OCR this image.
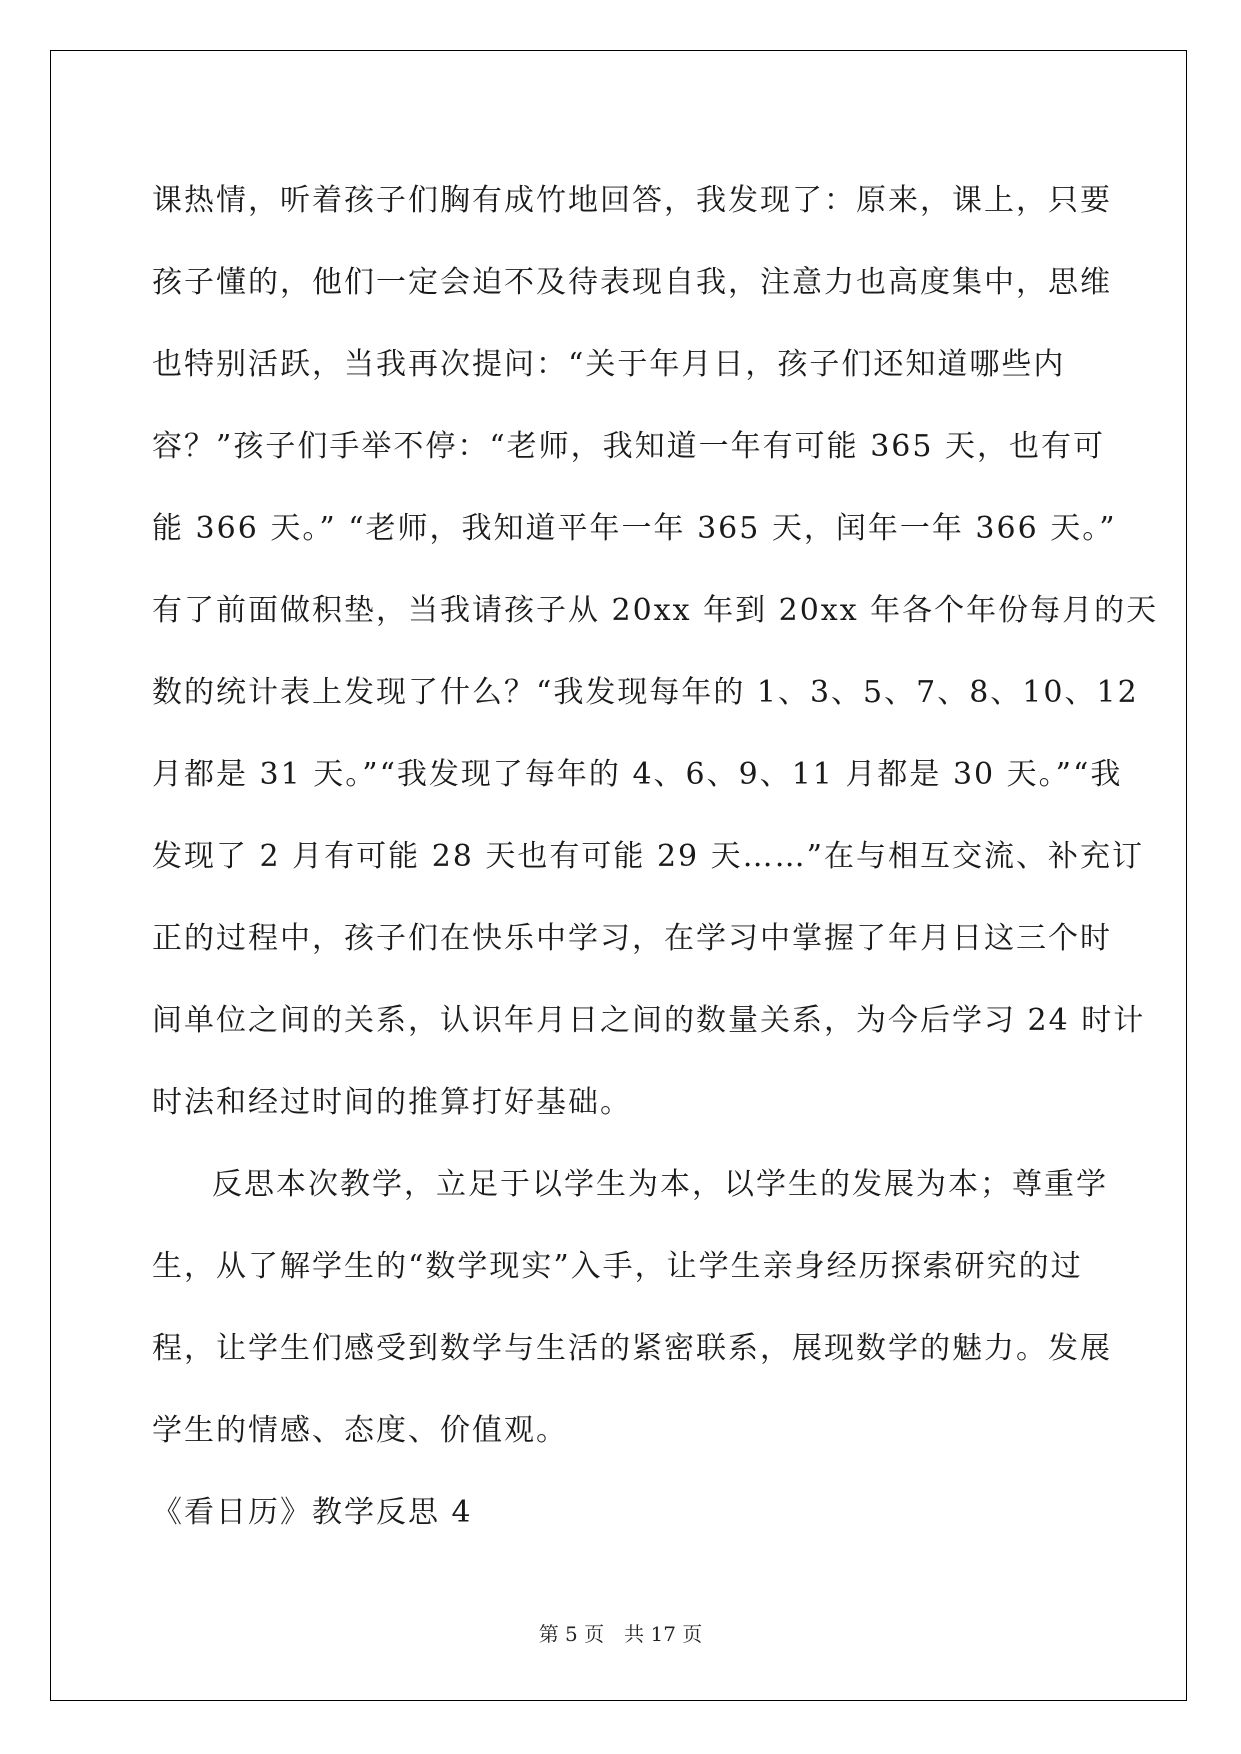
课热情，听着孩子们胸有成竹地回答，我发现了：原来，课上，只要
孩子懂的，他们一定会迫不及待表现自我，注意力也高度集中，思维
也特别活跃，当我再次提问：“关于年月日，孩子们还知道哪些内
容？”孩子们手举不停：“老师，我知道一年有可能 365 天，也有可
能 366 天。” “老师，我知道平年一年 365 天，闰年一年 366 天。”
有了前面做积垫，当我请孩子从 20xx 年到 20xx 年各个年份每月的天
数的统计表上发现了什么？“我发现每年的 1、3、5、7、8、10、12
月都是 31 天。”“我发现了每年的 4、6、9、11 月都是 30 天。”“我
发现了 2 月有可能 28 天也有可能 29 天……”在与相互交流、补充订
正的过程中，孩子们在快乐中学习，在学习中掌握了年月日这三个时
间单位之间的关系，认识年月日之间的数量关系，为今后学习 24 时计
时法和经过时间的推算打好基础。
反思本次教学，立足于以学生为本，以学生的发展为本；尊重学
生，从了解学生的“数学现实”入手，让学生亲身经历探索研究的过
程，让学生们感受到数学与生活的紧密联系，展现数学的魅力。发展
学生的情感、态度、价值观。
《看日历》教学反思 4
第 5 页　共 17 页
